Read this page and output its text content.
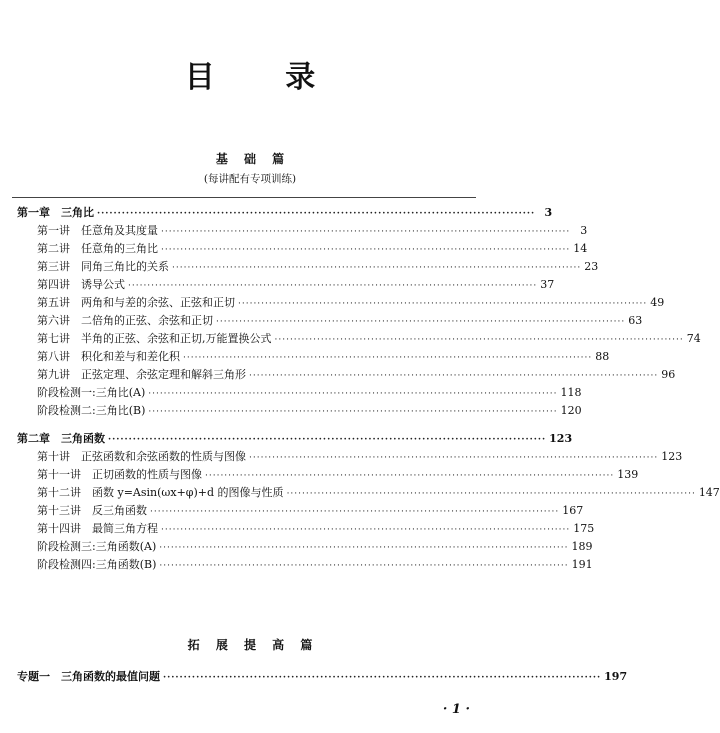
目 录
基 础 篇
(每讲配有专项训练)
第一章　三角比 ·········································································································· 3
第一讲　任意角及其度量 ·········································································································· 3
第二讲　任意角的三角比 ·········································································································· 14
第三讲　同角三角比的关系 ·········································································································· 23
第四讲　诱导公式 ·········································································································· 37
第五讲　两角和与差的余弦、正弦和正切 ·········································································································· 49
第六讲　二倍角的正弦、余弦和正切 ·········································································································· 63
第七讲　半角的正弦、余弦和正切,万能置换公式 ·········································································································· 74
第八讲　积化和差与和差化积 ·········································································································· 88
第九讲　正弦定理、余弦定理和解斜三角形 ·········································································································· 96
阶段检测一:三角比(A) ·········································································································· 118
阶段检测二:三角比(B) ·········································································································· 120
第二章　三角函数 ·········································································································· 123
第十讲　正弦函数和余弦函数的性质与图像 ·········································································································· 123
第十一讲　正切函数的性质与图像 ·········································································································· 139
第十二讲　函数 y=Asin(ωx+φ)+d 的图像与性质 ·········································································································· 147
第十三讲　反三角函数 ·········································································································· 167
第十四讲　最简三角方程 ·········································································································· 175
阶段检测三:三角函数(A) ·········································································································· 189
阶段检测四:三角函数(B) ·········································································································· 191
拓 展 提 高 篇
专题一　三角函数的最值问题 ·········································································································· 197
· 1 ·
